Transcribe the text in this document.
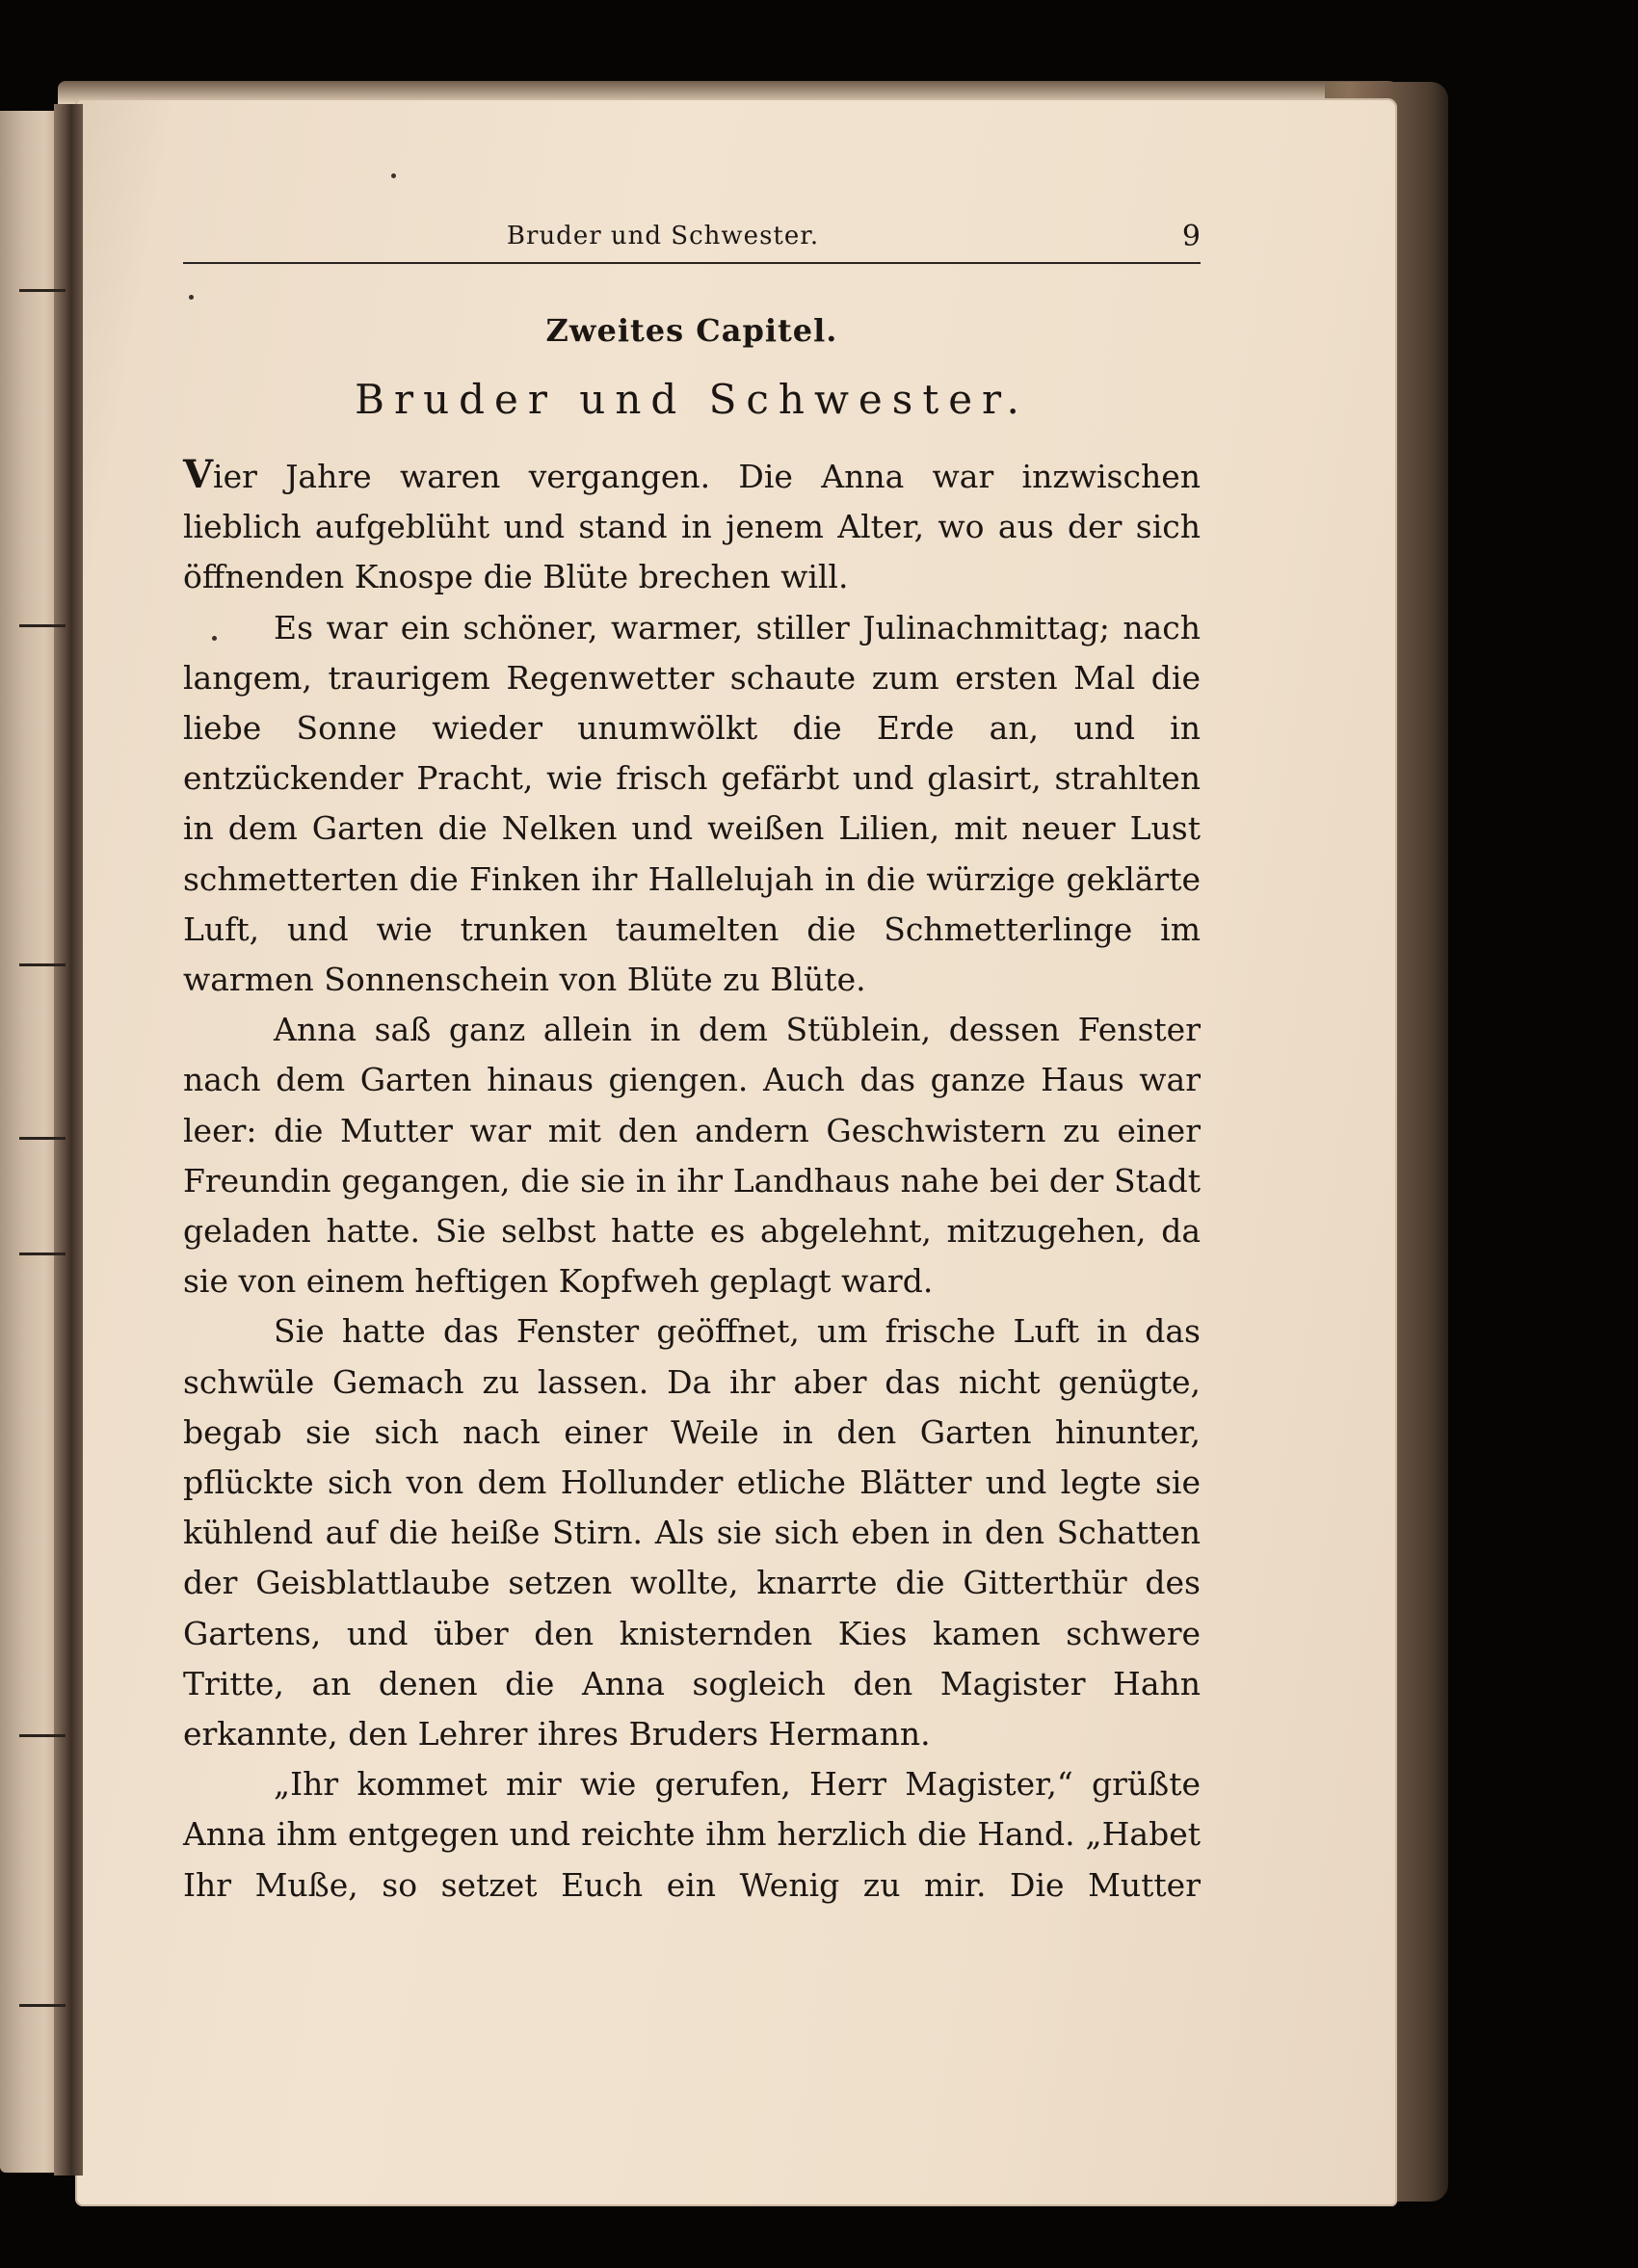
Bruder und Schwester.	9
Zweites Capitel.
Bruder und Schwester.

Vier Jahre waren vergangen. Die Anna war inzwischen lieblich aufgeblüht und stand in jenem Alter, wo aus der sich öffnenden Knospe die Blüte brechen will.

Es war ein schöner, warmer, stiller Julinachmittag; nach langem, traurigem Regenwetter schaute zum ersten Mal die liebe Sonne wieder unumwölkt die Erde an, und in entzückender Pracht, wie frisch gefärbt und glasirt, strahlten in dem Garten die Nelken und weißen Lilien, mit neuer Lust schmetterten die Finken ihr Hallelujah in die würzige geklärte Luft, und wie trunken taumelten die Schmetterlinge im warmen Sonnenschein von Blüte zu Blüte.

Anna saß ganz allein in dem Stüblein, dessen Fenster nach dem Garten hinaus giengen. Auch das ganze Haus war leer: die Mutter war mit den andern Geschwistern zu einer Freundin gegangen, die sie in ihr Landhaus nahe bei der Stadt geladen hatte. Sie selbst hatte es abgelehnt, mitzugehen, da sie von einem heftigen Kopfweh geplagt ward.

Sie hatte das Fenster geöffnet, um frische Luft in das schwüle Gemach zu lassen. Da ihr aber das nicht genügte, begab sie sich nach einer Weile in den Garten hinunter, pflückte sich von dem Hollunder etliche Blätter und legte sie kühlend auf die heiße Stirn. Als sie sich eben in den Schatten der Geisblattlaube setzen wollte, knarrte die Gitterthür des Gartens, und über den knisternden Kies kamen schwere Tritte, an denen die Anna sogleich den Magister Hahn erkannte, den Lehrer ihres Bruders Hermann.

„Ihr kommet mir wie gerufen, Herr Magister,“ grüßte Anna ihm entgegen und reichte ihm herzlich die Hand. „Habet Ihr Muße, so setzet Euch ein Wenig zu mir. Die Mutter
